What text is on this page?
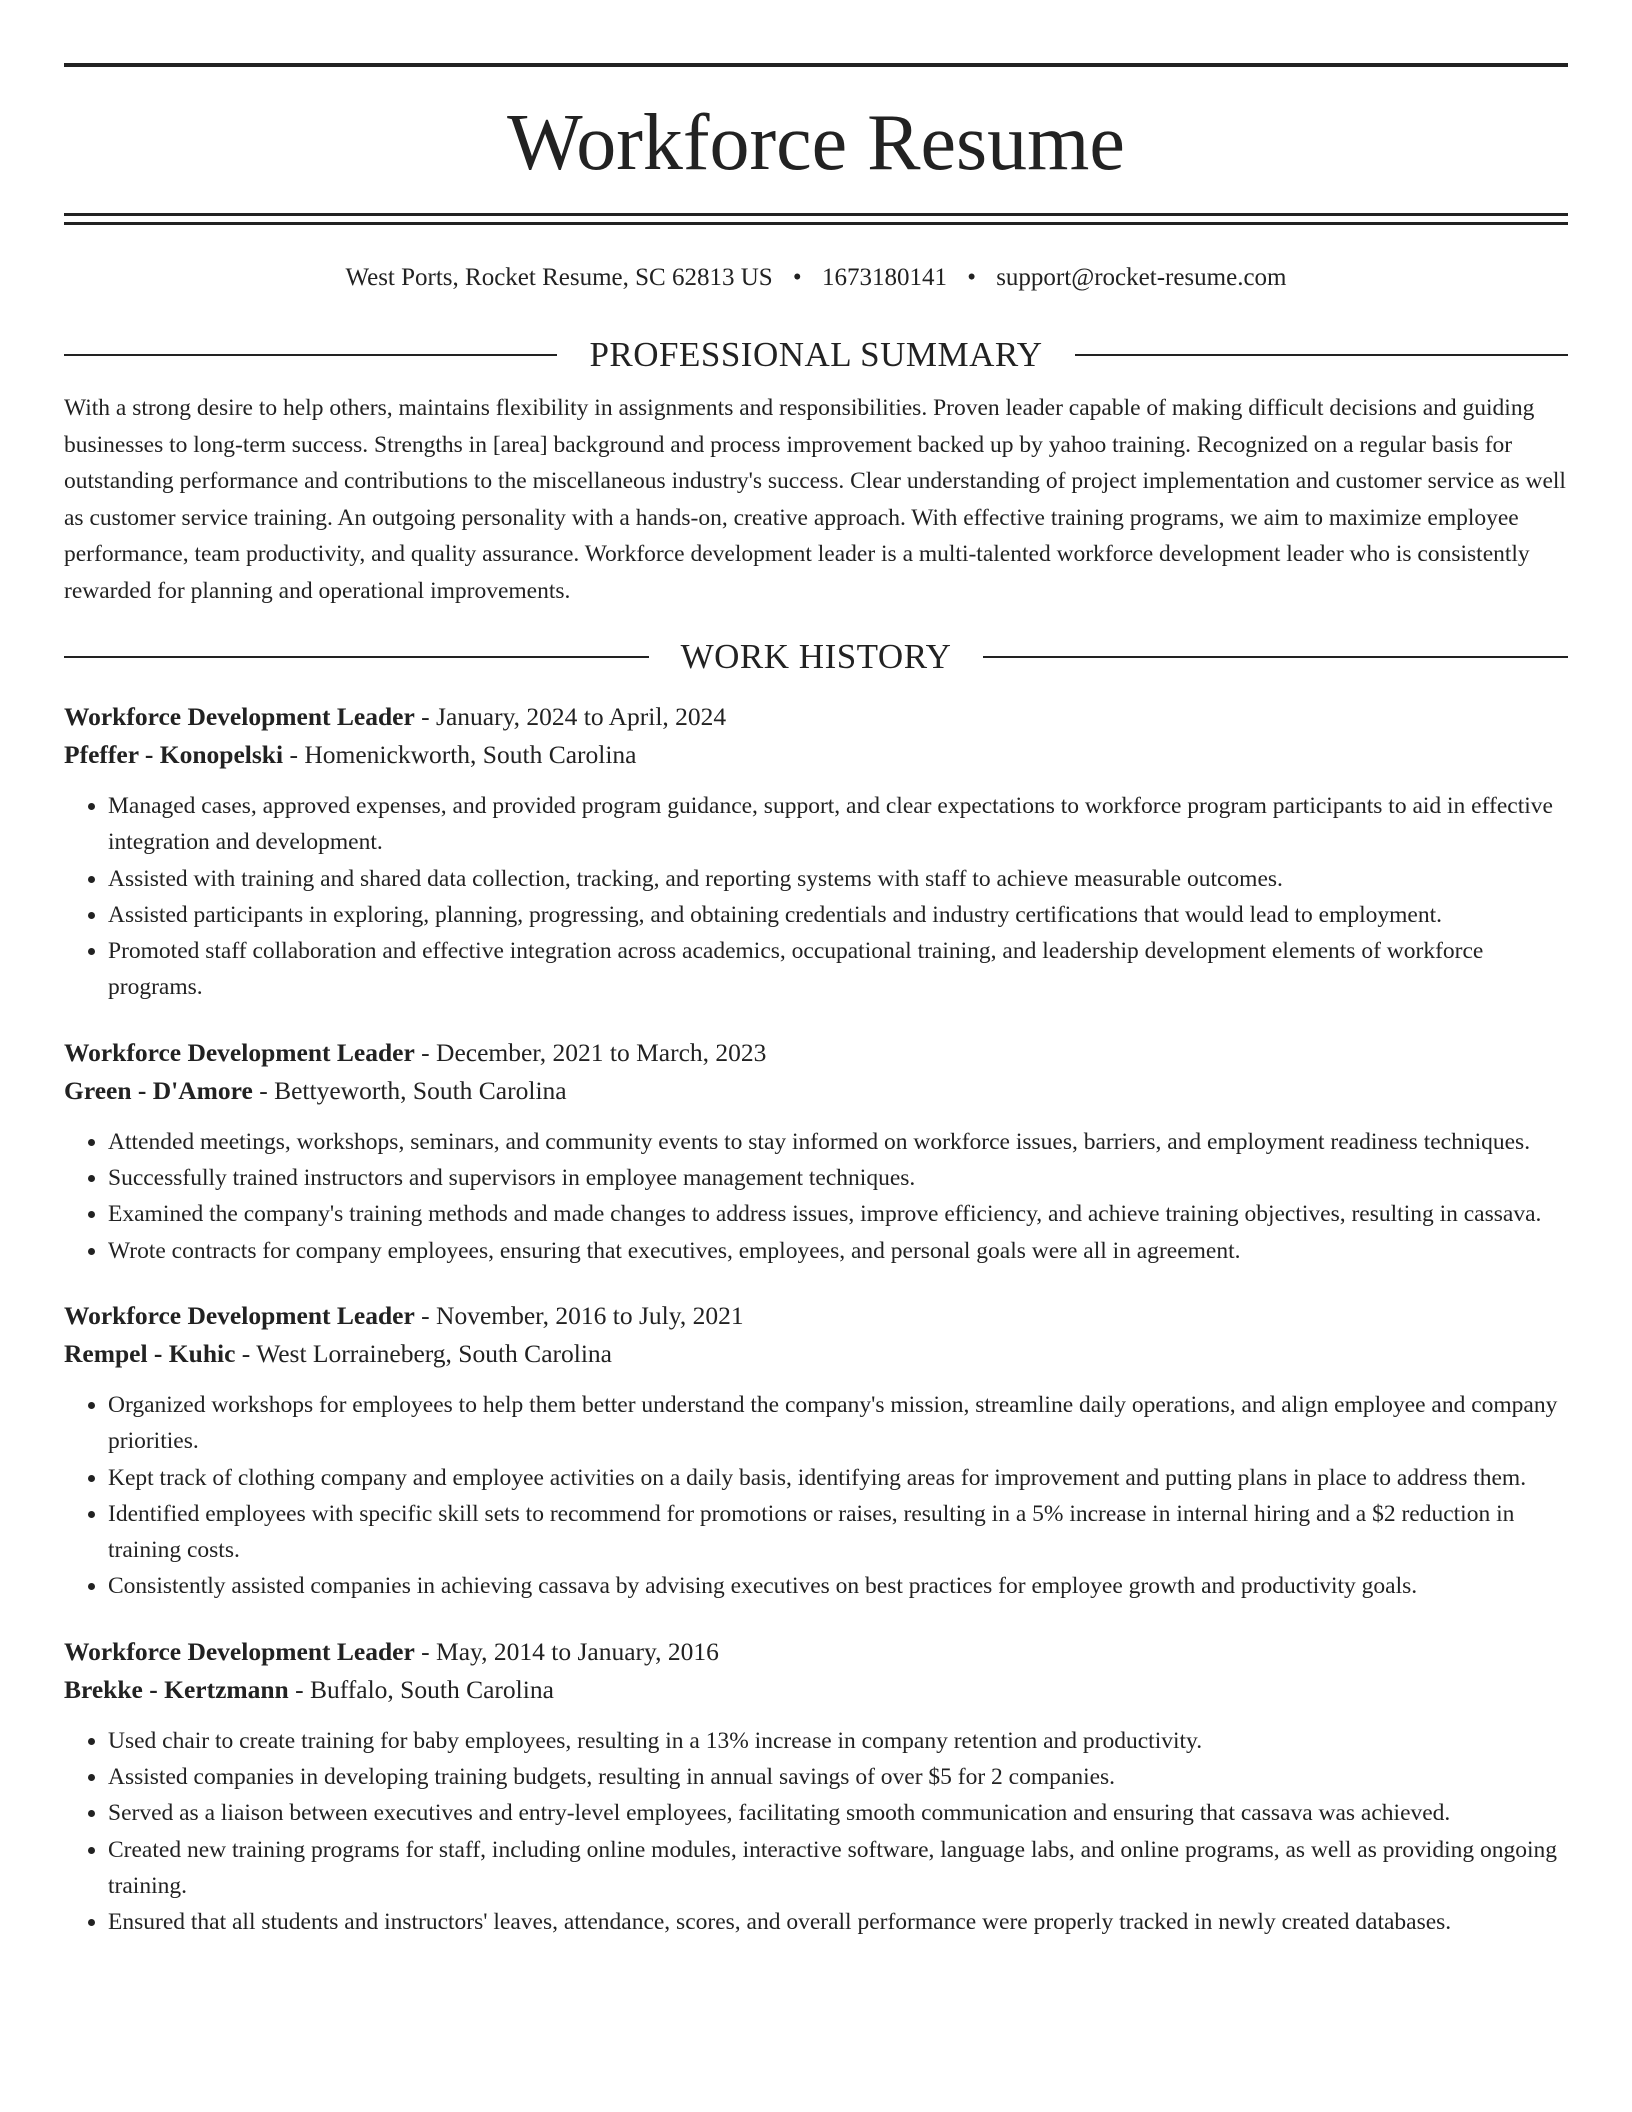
Workforce Resume
West Ports, Rocket Resume, SC 62813 US • 1673180141 • support@rocket-resume.com
PROFESSIONAL SUMMARY

With a strong desire to help others, maintains flexibility in assignments and responsibilities. Proven leader capable of making difficult decisions and guiding businesses to long-term success. Strengths in [area] background and process improvement backed up by yahoo training. Recognized on a regular basis for outstanding performance and contributions to the miscellaneous industry's success. Clear understanding of project implementation and customer service as well as customer service training. An outgoing personality with a hands-on, creative approach. With effective training programs, we aim to maximize employee performance, team productivity, and quality assurance. Workforce development leader is a multi-talented workforce development leader who is consistently rewarded for planning and operational improvements.

WORK HISTORY
Workforce Development Leader - January, 2024 to April, 2024
Pfeffer - Konopelski - Homenickworth, South Carolina
• Managed cases, approved expenses, and provided program guidance, support, and clear expectations to workforce program participants to aid in effective integration and development.
• Assisted with training and shared data collection, tracking, and reporting systems with staff to achieve measurable outcomes.
• Assisted participants in exploring, planning, progressing, and obtaining credentials and industry certifications that would lead to employment.
• Promoted staff collaboration and effective integration across academics, occupational training, and leadership development elements of workforce programs.
Workforce Development Leader - December, 2021 to March, 2023
Green - D'Amore - Bettyeworth, South Carolina
• Attended meetings, workshops, seminars, and community events to stay informed on workforce issues, barriers, and employment readiness techniques.
• Successfully trained instructors and supervisors in employee management techniques.
• Examined the company's training methods and made changes to address issues, improve efficiency, and achieve training objectives, resulting in cassava.
• Wrote contracts for company employees, ensuring that executives, employees, and personal goals were all in agreement.
Workforce Development Leader - November, 2016 to July, 2021
Rempel - Kuhic - West Lorraineberg, South Carolina
• Organized workshops for employees to help them better understand the company's mission, streamline daily operations, and align employee and company priorities.
• Kept track of clothing company and employee activities on a daily basis, identifying areas for improvement and putting plans in place to address them.
• Identified employees with specific skill sets to recommend for promotions or raises, resulting in a 5% increase in internal hiring and a $2 reduction in training costs.
• Consistently assisted companies in achieving cassava by advising executives on best practices for employee growth and productivity goals.
Workforce Development Leader - May, 2014 to January, 2016
Brekke - Kertzmann - Buffalo, South Carolina
• Used chair to create training for baby employees, resulting in a 13% increase in company retention and productivity.
• Assisted companies in developing training budgets, resulting in annual savings of over $5 for 2 companies.
• Served as a liaison between executives and entry-level employees, facilitating smooth communication and ensuring that cassava was achieved.
• Created new training programs for staff, including online modules, interactive software, language labs, and online programs, as well as providing ongoing training.
• Ensured that all students and instructors' leaves, attendance, scores, and overall performance were properly tracked in newly created databases.
